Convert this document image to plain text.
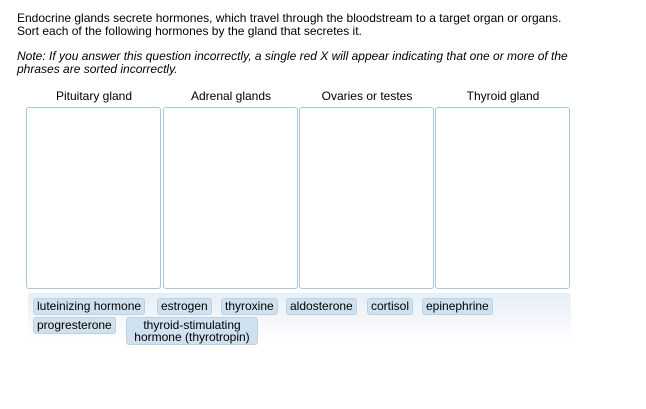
Endocrine glands secrete hormones, which travel through the bloodstream to a target organ or organs.

Sort each of the following hormones by the gland that secretes it.

Note: If you answer this question incorrectly, a single red X will appear indicating that one or more of the
phrases are sorted incorrectly.
Pituitary gland	Adrenal glands	Ovaries or testes	Thyroid gland
luteinizing hormone	estrogen	thyroxine	aldosterone	cortisol	epinephrine
progresterone	thyroid-stimulating hormone (thyrotropin)
